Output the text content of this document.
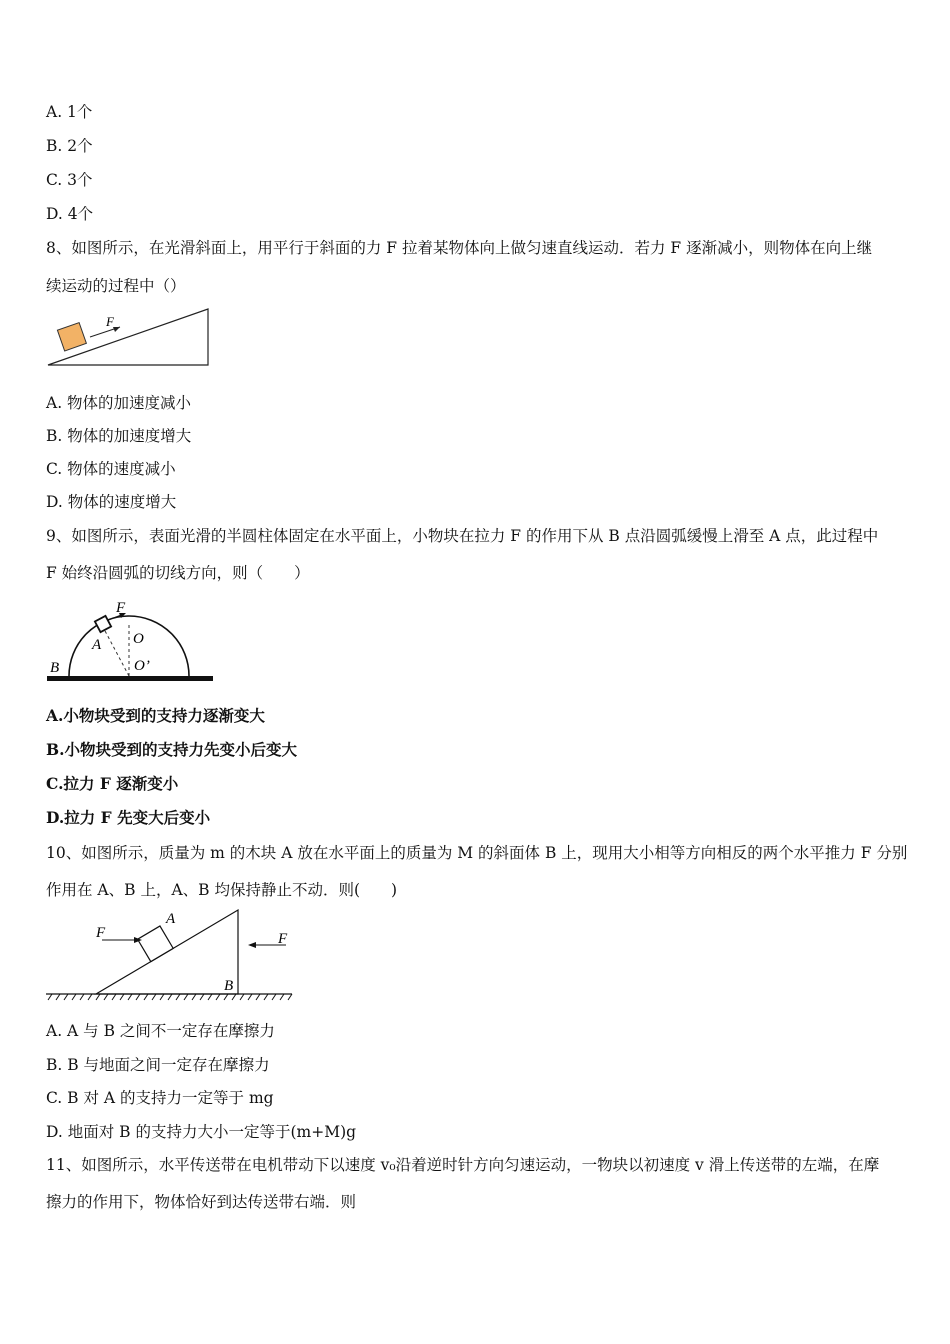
A. 1个
B. 2个
C. 3个
D. 4个
8、如图所示，在光滑斜面上，用平行于斜面的力 F 拉着某物体向上做匀速直线运动．若力 F 逐渐减小，则物体在向上继
续运动的过程中（）
F
A. 物体的加速度减小
B. 物体的加速度增大
C. 物体的速度减小
D. 物体的速度增大
9、如图所示，表面光滑的半圆柱体固定在水平面上，小物块在拉力 F 的作用下从 B 点沿圆弧缓慢上滑至 A 点，此过程中
F 始终沿圆弧的切线方向，则（　　）
F
A
B
O
O’
A.小物块受到的支持力逐渐变大
B.小物块受到的支持力先变小后变大
C.拉力 F 逐渐变小
D.拉力 F 先变大后变小
10、如图所示，质量为 m 的木块 A 放在水平面上的质量为 M 的斜面体 B 上，现用大小相等方向相反的两个水平推力 F 分别
作用在 A、B 上，A、B 均保持静止不动．则(　　)
F	F
A
B
A. A 与 B 之间不一定存在摩擦力
B. B 与地面之间一定存在摩擦力
C. B 对 A 的支持力一定等于 mg
D. 地面对 B 的支持力大小一定等于(m+M)g
11、如图所示，水平传送带在电机带动下以速度 v₀沿着逆时针方向匀速运动，一物块以初速度 v 滑上传送带的左端，在摩
擦力的作用下，物体恰好到达传送带右端．则
